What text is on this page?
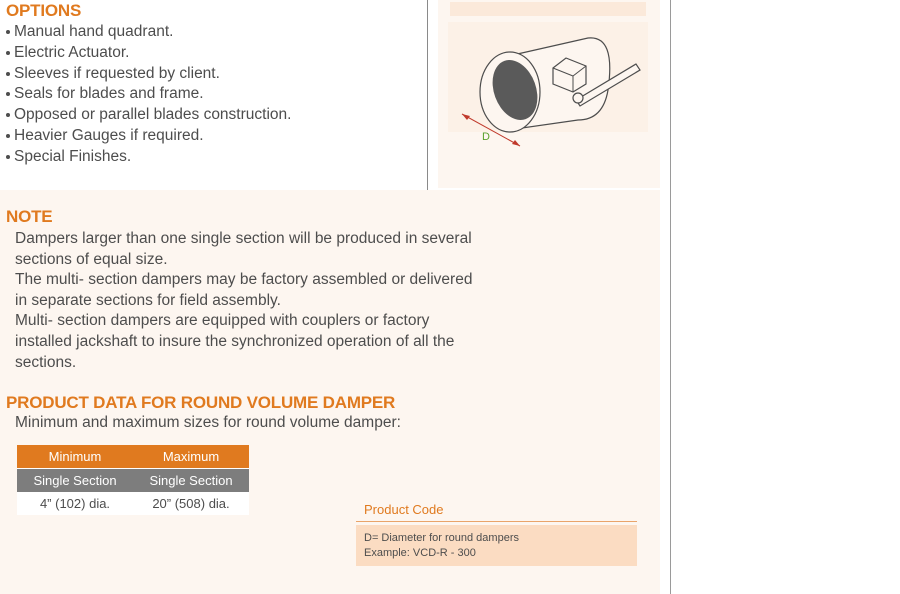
OPTIONS
Manual hand quadrant.
Electric Actuator.
Sleeves if requested by client.
Seals for blades and frame.
Opposed or parallel blades construction.
Heavier Gauges if required.
Special Finishes.
D
NOTE

Dampers larger than one single section will be produced in several

sections of equal size.

The multi- section dampers may be factory assembled or delivered

in separate sections for field assembly.

Multi- section dampers are equipped with couplers or factory

installed jackshaft to insure the synchronized operation of all the

sections.

PRODUCT DATA FOR ROUND VOLUME DAMPER
Minimum and maximum sizes for round volume damper:
Minimum	Maximum
Single Section	Single Section
4” (102) dia.	20” (508) dia.	Product Code
D= Diameter for round dampers
Example: VCD-R - 300
